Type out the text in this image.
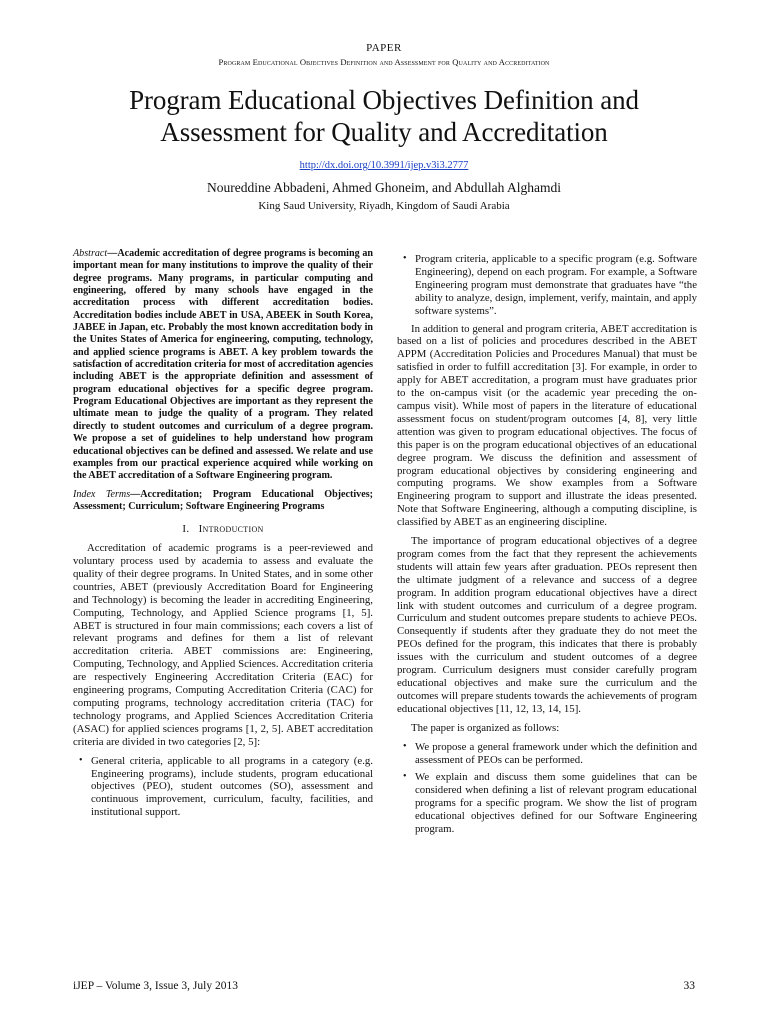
PAPER
Program Educational Objectives Definition and Assessment for Quality and Accreditation
Program Educational Objectives Definition and
Assessment for Quality and Accreditation
http://dx.doi.org/10.3991/ijep.v3i3.2777
Noureddine Abbadeni, Ahmed Ghoneim, and Abdullah Alghamdi
King Saud University, Riyadh, Kingdom of Saudi Arabia

Abstract—Academic accreditation of degree programs is becoming an important mean for many institutions to improve the quality of their degree programs. Many programs, in particular computing and engineering, offered by many schools have engaged in the accreditation process with different accreditation bodies. Accreditation bodies include ABET in USA, ABEEK in South Korea, JABEE in Japan, etc. Probably the most known accreditation body in the Unites States of America for engineering, computing, technology, and applied science programs is ABET. A key problem towards the satisfaction of accreditation criteria for most of accreditation agencies including ABET is the appropriate definition and assessment of program educational objectives for a specific degree program. Program Educational Objectives are important as they represent the ultimate mean to judge the quality of a program. They related directly to student outcomes and curriculum of a degree program. We propose a set of guidelines to help understand how program educational objectives can be defined and assessed. We relate and use examples from our practical experience acquired while working on the ABET accreditation of a Software Engineering program.

Index Terms—Accreditation; Program Educational Objectives; Assessment; Curriculum; Software Engineering Programs

I. Introduction

Accreditation of academic programs is a peer-reviewed and voluntary process used by academia to assess and evaluate the quality of their degree programs. In United States, and in some other countries, ABET (previously Accreditation Board for Engineering and Technology) is becoming the leader in accrediting Engineering, Computing, Technology, and Applied Science programs [1, 5]. ABET is structured in four main commissions; each covers a list of relevant programs and defines for them a list of relevant accreditation criteria. ABET commissions are: Engineering, Computing, Technology, and Applied Sciences. Accreditation criteria are respectively Engineering Accreditation Criteria (EAC) for engineering programs, Computing Accreditation Criteria (CAC) for computing programs, technology accreditation criteria (TAC) for technology programs, and Applied Sciences Accreditation Criteria (ASAC) for applied sciences programs [1, 2, 5]. ABET accreditation criteria are divided in two categories [2, 5]:

• General criteria, applicable to all programs in a category (e.g. Engineering programs), include students, program educational objectives (PEO), student outcomes (SO), assessment and continuous improvement, curriculum, faculty, facilities, and institutional support.
• Program criteria, applicable to a specific program (e.g. Software Engineering), depend on each program. For example, a Software Engineering program must demonstrate that graduates have “the ability to analyze, design, implement, verify, maintain, and apply software systems”.

In addition to general and program criteria, ABET accreditation is based on a list of policies and procedures described in the ABET APPM (Accreditation Policies and Procedures Manual) that must be satisfied in order to fulfill accreditation [3]. For example, in order to apply for ABET accreditation, a program must have graduates prior to the on-campus visit (or the academic year preceding the on-campus visit). While most of papers in the literature of educational assessment focus on student/program outcomes [4, 8], very little attention was given to program educational objectives. The focus of this paper is on the program educational objectives of an educational degree program. We discuss the definition and assessment of program educational objectives by considering engineering and computing programs. We show examples from a Software Engineering program to support and illustrate the ideas presented. Note that Software Engineering, although a computing discipline, is classified by ABET as an engineering discipline.

The importance of program educational objectives of a degree program comes from the fact that they represent the achievements students will attain few years after graduation. PEOs represent then the ultimate judgment of a relevance and success of a degree program. In addition program educational objectives have a direct link with student outcomes and curriculum of a degree program. Curriculum and student outcomes prepare students to achieve PEOs. Consequently if students after they graduate they do not meet the PEOs defined for the program, this indicates that there is probably issues with the curriculum and student outcomes of a degree program. Curriculum designers must consider carefully program educational objectives and make sure the curriculum and the outcomes will prepare students towards the achievements of program educational objectives [11, 12, 13, 14, 15].

The paper is organized as follows:

• We propose a general framework under which the definition and assessment of PEOs can be performed.
• We explain and discuss them some guidelines that can be considered when defining a list of relevant program educational programs for a specific program. We show the list of program educational objectives defined for our Software Engineering program.
iJEP – Volume 3, Issue 3, July 2013	33
